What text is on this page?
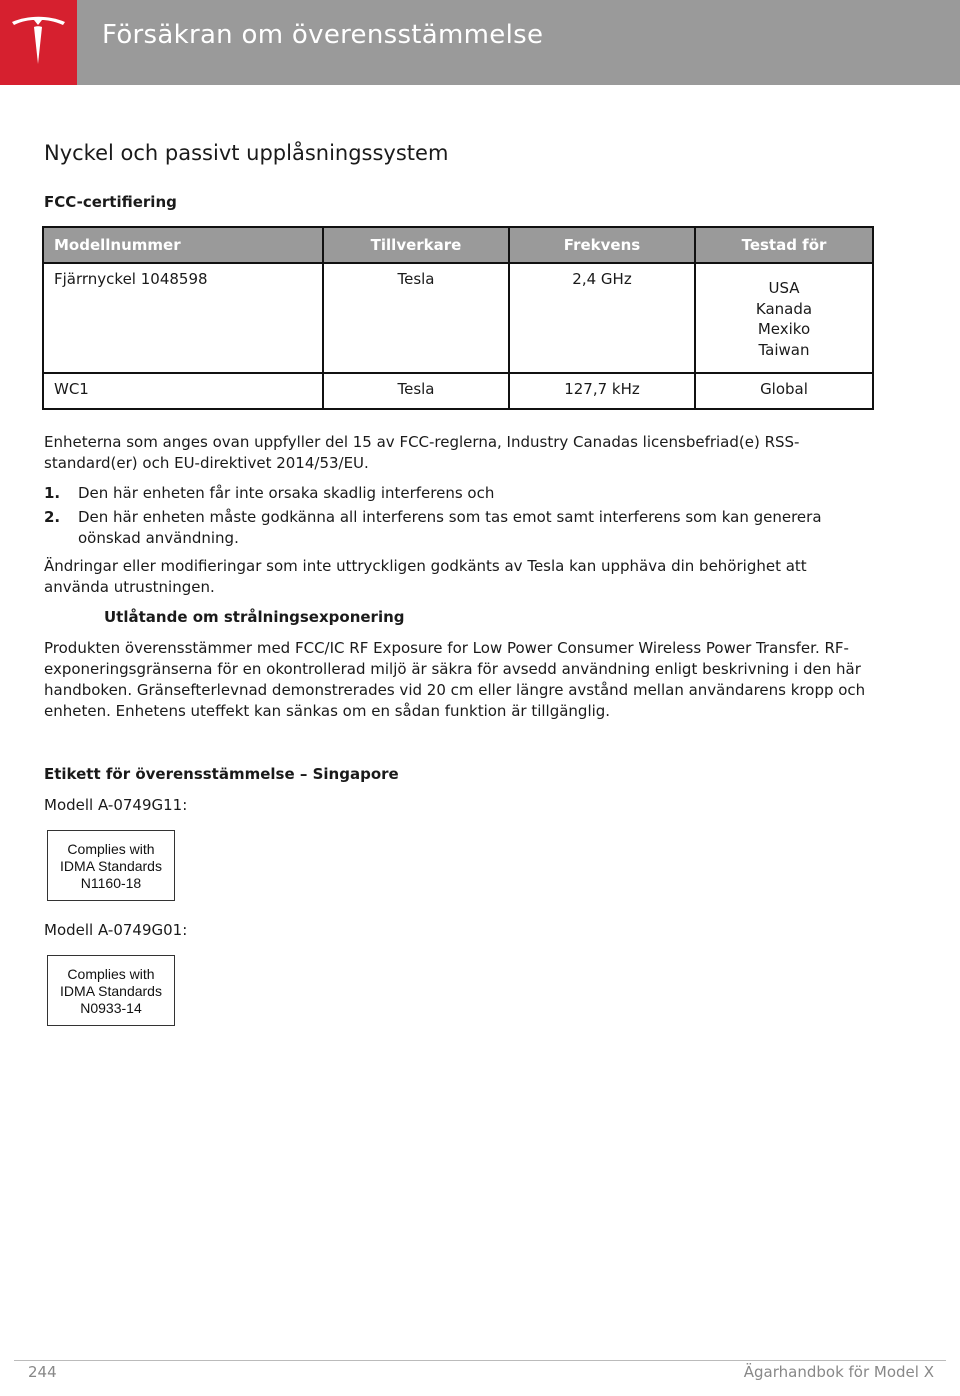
Försäkran om överensstämmelse
Nyckel och passivt upplåsningssystem
FCC-certifiering
Modellnummer	Tillverkare	Frekvens	Testad för
Fjärrnyckel 1048598	Tesla	2,4 GHz	USA
Kanada
Mexiko
Taiwan

WC1	Tesla	127,7 kHz	Global
Enheterna som anges ovan uppfyller del 15 av FCC-reglerna, Industry Canadas licensbefriad(e) RSS-standard(er) och EU-direktivet 2014/53/EU.
1. Den här enheten får inte orsaka skadlig interferens och
2. Den här enheten måste godkänna all interferens som tas emot samt interferens som kan generera oönskad användning.
Ändringar eller modifieringar som inte uttryckligen godkänts av Tesla kan upphäva din behörighet att använda utrustningen.
Utlåtande om strålningsexponering
Produkten överensstämmer med FCC/IC RF Exposure for Low Power Consumer Wireless Power Transfer. RF-exponeringsgränserna för en okontrollerad miljö är säkra för avsedd användning enligt beskrivning i den här handboken. Gränsefterlevnad demonstrerades vid 20 cm eller längre avstånd mellan användarens kropp och enheten. Enhetens uteffekt kan sänkas om en sådan funktion är tillgänglig.
Etikett för överensstämmelse – Singapore
Modell A-0749G11:
Complies with
IDMA Standards
N1160-18
Modell A-0749G01:
Complies with
IDMA Standards
N0933-14
244	Ägarhandbok för Model X
